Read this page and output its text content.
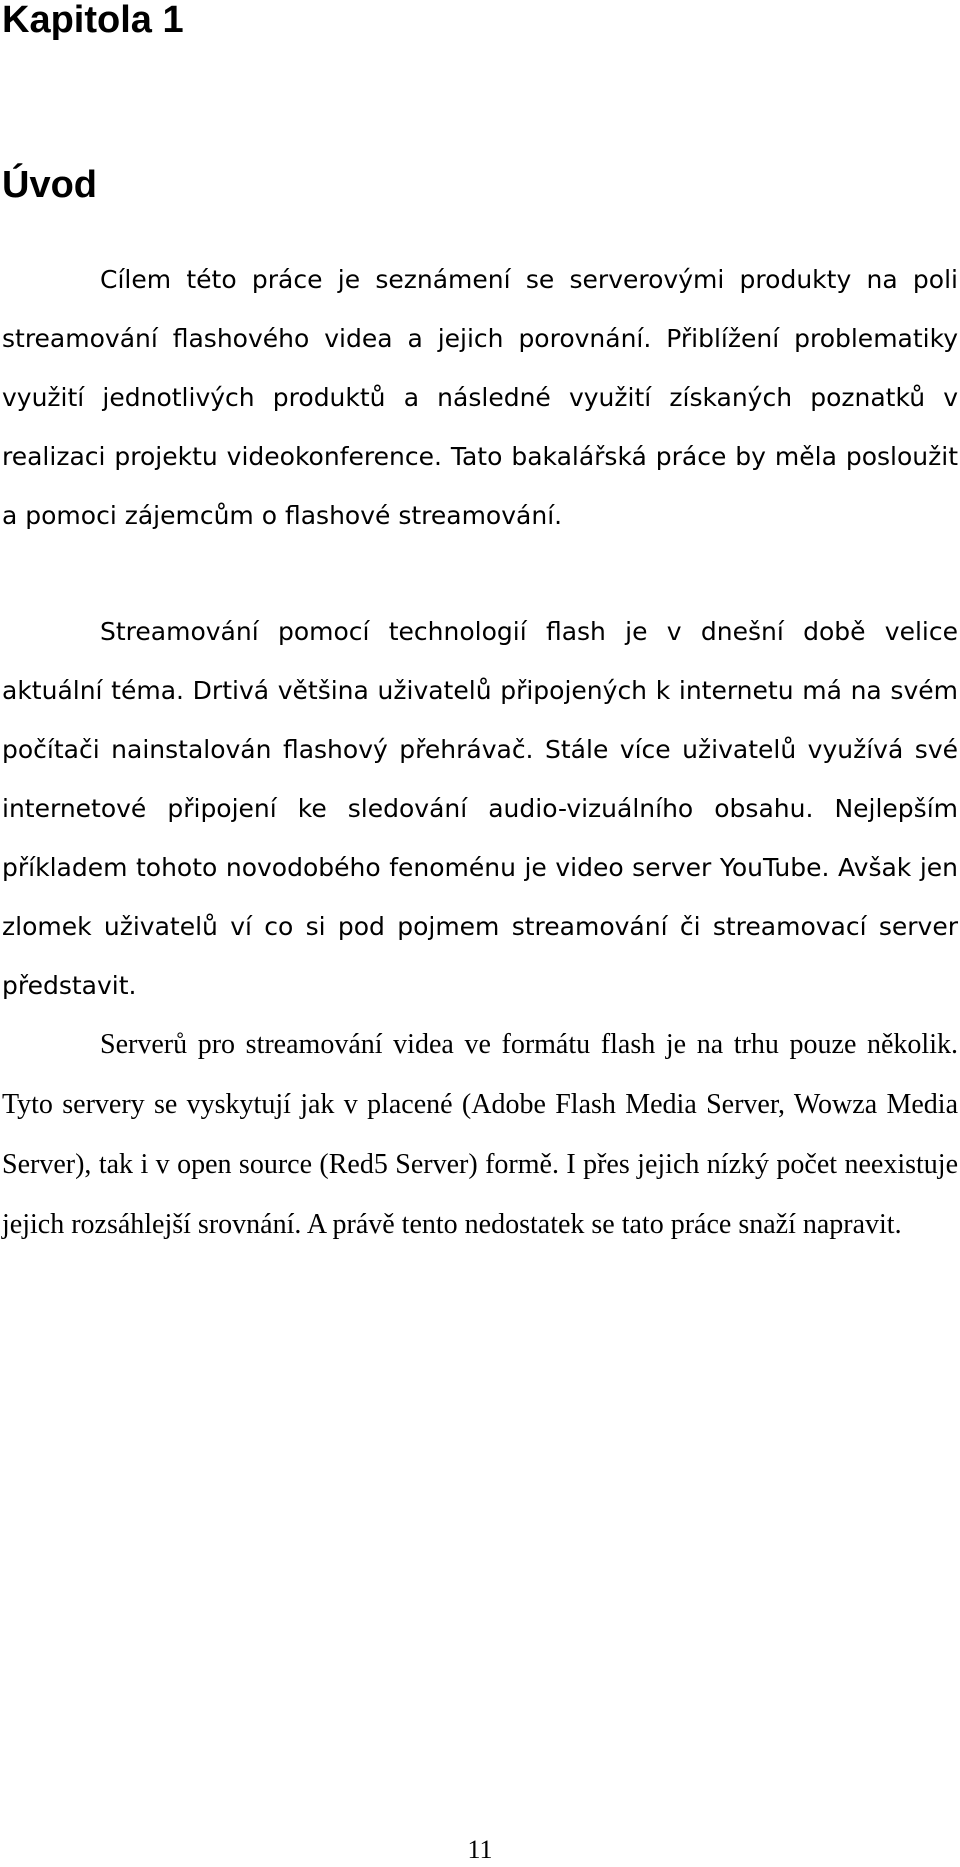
Kapitola 1
Úvod

Cílem této práce je seznámení se serverovými produkty na poli streamování flashového videa a jejich porovnání. Přiblížení problematiky využití jednotlivých produktů a následné využití získaných poznatků v realizaci projektu videokonference. Tato bakalářská práce by měla posloužit a pomoci zájemcům o flashové streamování.

Streamování pomocí technologií flash je v dnešní době velice aktuální téma. Drtivá většina uživatelů připojených k internetu má na svém počítači nainstalován flashový přehrávač. Stále více uživatelů využívá své internetové připojení ke sledování audio-vizuálního obsahu. Nejlepším příkladem tohoto novodobého fenoménu je video server YouTube. Avšak jen zlomek uživatelů ví co si pod pojmem streamování či streamovací server představit.

Serverů pro streamování videa ve formátu flash je na trhu pouze několik. Tyto servery se vyskytují jak v placené (Adobe Flash Media Server, Wowza Media Server), tak i v open source (Red5 Server) formě. I přes jejich nízký počet neexistuje jejich rozsáhlejší srovnání. A právě tento nedostatek se tato práce snaží napravit.

11
